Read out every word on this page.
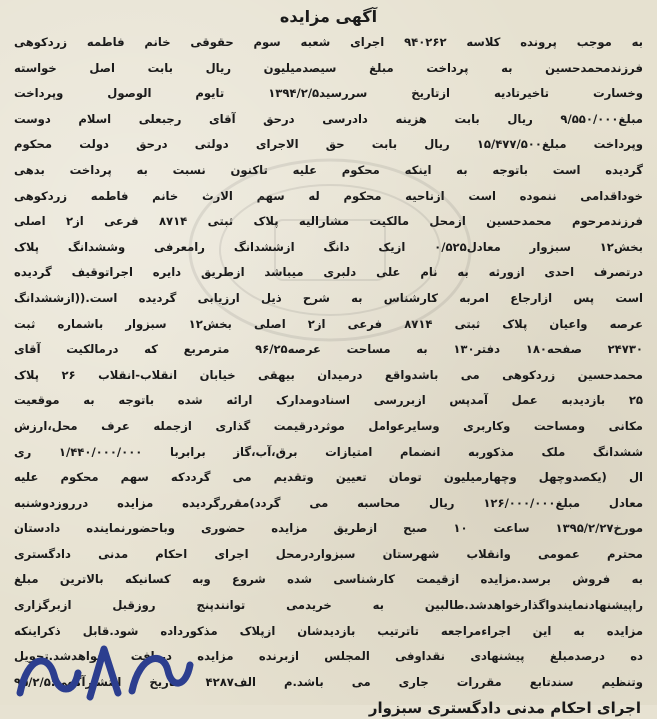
آگهی مزایده
به موجب پرونده کلاسه ۹۴۰۲۶۲ اجرای شعبه سوم حقوقی خانم فاطمه زردکوهی
فرزندمحمدحسین به پرداخت مبلغ سیصدمیلیون ریال بابت اصل خواسته
وخسارت تاخیرتادیه ازتاریخ سررسید۱۳۹۴/۲/۵ تایوم الوصول وپرداخت
مبلغ۹/۵۵۰/۰۰۰ ریال بابت هزینه دادرسی درحق آقای رجبعلی اسلام دوست
وپرداخت مبلغ۱۵/۴۷۷/۵۰۰ ریال بابت حق الاجرای دولتی درحق دولت محکوم
گردیده است باتوجه به اینکه محکوم علیه تاکنون نسبت به پرداخت بدهی
خوداقدامی ننموده است ازناحیه محکوم له سهم الارث خانم فاطمه زردکوهی
فرزندمرحوم محمدحسین ازمحل مالکیت مشاراليه پلاک ثبتی ۸۷۱۴ فرعی از۲ اصلی
بخش۱۲ سبزوار معادل۰/۵۲۵ ازیک دانگ ازششدانگ رامعرفی وششدانگ پلاک
درتصرف احدی ازورثه به نام علی دلبری میباشد ازطریق دایره اجراتوقیف گردیده
است پس ازارجاع امربه کارشناس به شرح ذیل ارزیابی گردیده است.((ازششدانگ
عرصه واعیان پلاک ثبتی ۸۷۱۴ فرعی از۲ اصلی بخش۱۲ سبزوار باشماره ثبت
۲۴۷۳۰ صفحه۱۸۰ دفتر۱۳۰ به مساحت عرصه۹۶/۲۵ مترمربع که درمالکیت آقای
محمدحسین زردکوهی می باشدواقع درمیدان بیهقی خیابان انقلاب-انقلاب ۲۶ پلاک
۲۵ بازدیدبه عمل آمدپس ازبررسی اسنادومدارک ارائه شده باتوجه به موقعیت
مکانی ومساحت وکاربری وسایرعوامل موثردرقیمت گذاری ازجمله عرف محل،ارزش
ششدانگ ملک مذکوربه انضمام امتیازات برق،آب،گاز برابربا ۱/۴۴۰/۰۰۰/۰۰۰ ری
ال (یکصدوچهل وچهارمیلیون تومان تعیین وتقدیم می گرددکه سهم محکوم علیه
معادل مبلغ۱۲۶/۰۰۰/۰۰۰ ریال محاسبه می گردد)مقررگردیده مزایده درروزدوشنبه
مورخ۱۳۹۵/۲/۲۷ ساعت ۱۰ صبح ازطریق مزایده حضوری وباحضورنماینده دادستان
محترم عمومی وانقلاب شهرستان سبزواردرمحل اجرای احکام مدنی دادگستری
به فروش برسد.مزایده ازقیمت کارشناسی شده شروع وبه کسانیکه بالاترین مبلغ
راپیشنهادنمایندواگذارخواهدشد.طالبین به خریدمی توانندپنج روزقبل ازبرگزاری
مزایده به این اجراءمراجعه تاترتیب بازدیدشان ازپلاک مذکورداده شود.قابل ذکراینکه
ده درصدمبلغ پیشنهادی نقداوفی المجلس ازبرنده مزایده دریافت خواهدشد.تحویل
وتنظیم سندتابع مقررات جاری می باشد.م الف۴۲۸۷ تاریخ انتشارآگهی:۹۵/۲/۵
اجرای احکام مدنی دادگستری سبزوار
